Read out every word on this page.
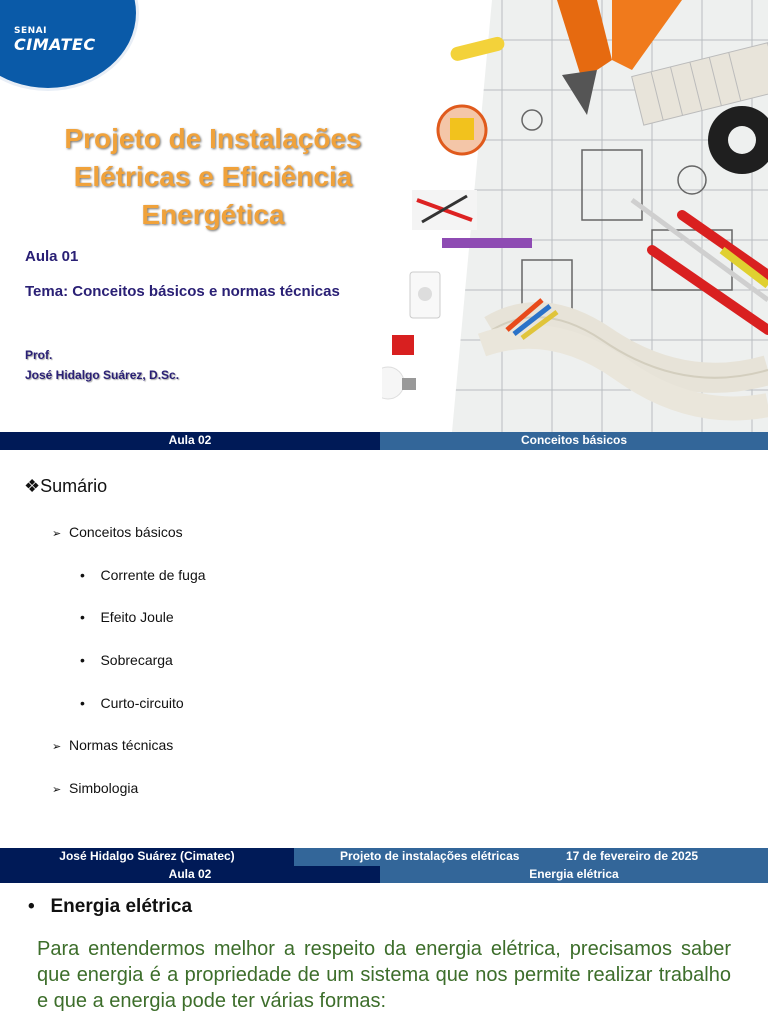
SENAI
CIMATEC
Projeto de Instalações
Elétricas e Eficiência
Energética
Aula 01
Tema: Conceitos básicos e normas técnicas
Prof.
José Hidalgo Suárez, D.Sc.
Aula 02	Conceitos básicos
❖Sumário
➢ Conceitos básicos
• Corrente de fuga
• Efeito Joule
• Sobrecarga
• Curto-circuito
➢ Normas técnicas
➢ Simbologia
José Hidalgo Suárez (Cimatec)	Projeto de instalações elétricas	17 de fevereiro de 2025
Aula 02	Energia elétrica
• Energia elétrica
Para entendermos melhor a respeito da energia elétrica, precisamos saber que energia é a propriedade de um sistema que nos permite realizar trabalho e que a energia pode ter várias formas:
